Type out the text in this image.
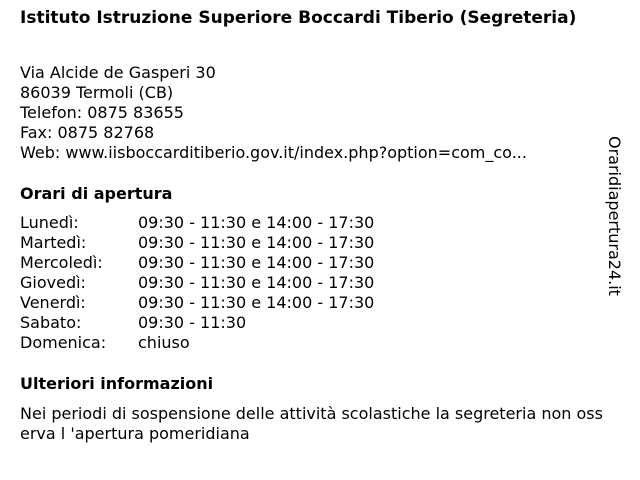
Istituto Istruzione Superiore Boccardi Tiberio (Segreteria)
Via Alcide de Gasperi 30
86039 Termoli (CB)
Telefon: 0875 83655
Fax: 0875 82768
Web: www.iisboccarditiberio.gov.it/index.php?option=com_co...
Orari di apertura
Lunedì:	09:30 - 11:30 e 14:00 - 17:30
Martedì:	09:30 - 11:30 e 14:00 - 17:30
Mercoledì:	09:30 - 11:30 e 14:00 - 17:30
Giovedì:	09:30 - 11:30 e 14:00 - 17:30
Venerdì:	09:30 - 11:30 e 14:00 - 17:30
Sabato:	09:30 - 11:30
Domenica:	chiuso
Ulteriori informazioni
Nei periodi di sospensione delle attività scolastiche la segreteria non osserva l 'apertura pomeridiana
Oraridiapertura24.it
